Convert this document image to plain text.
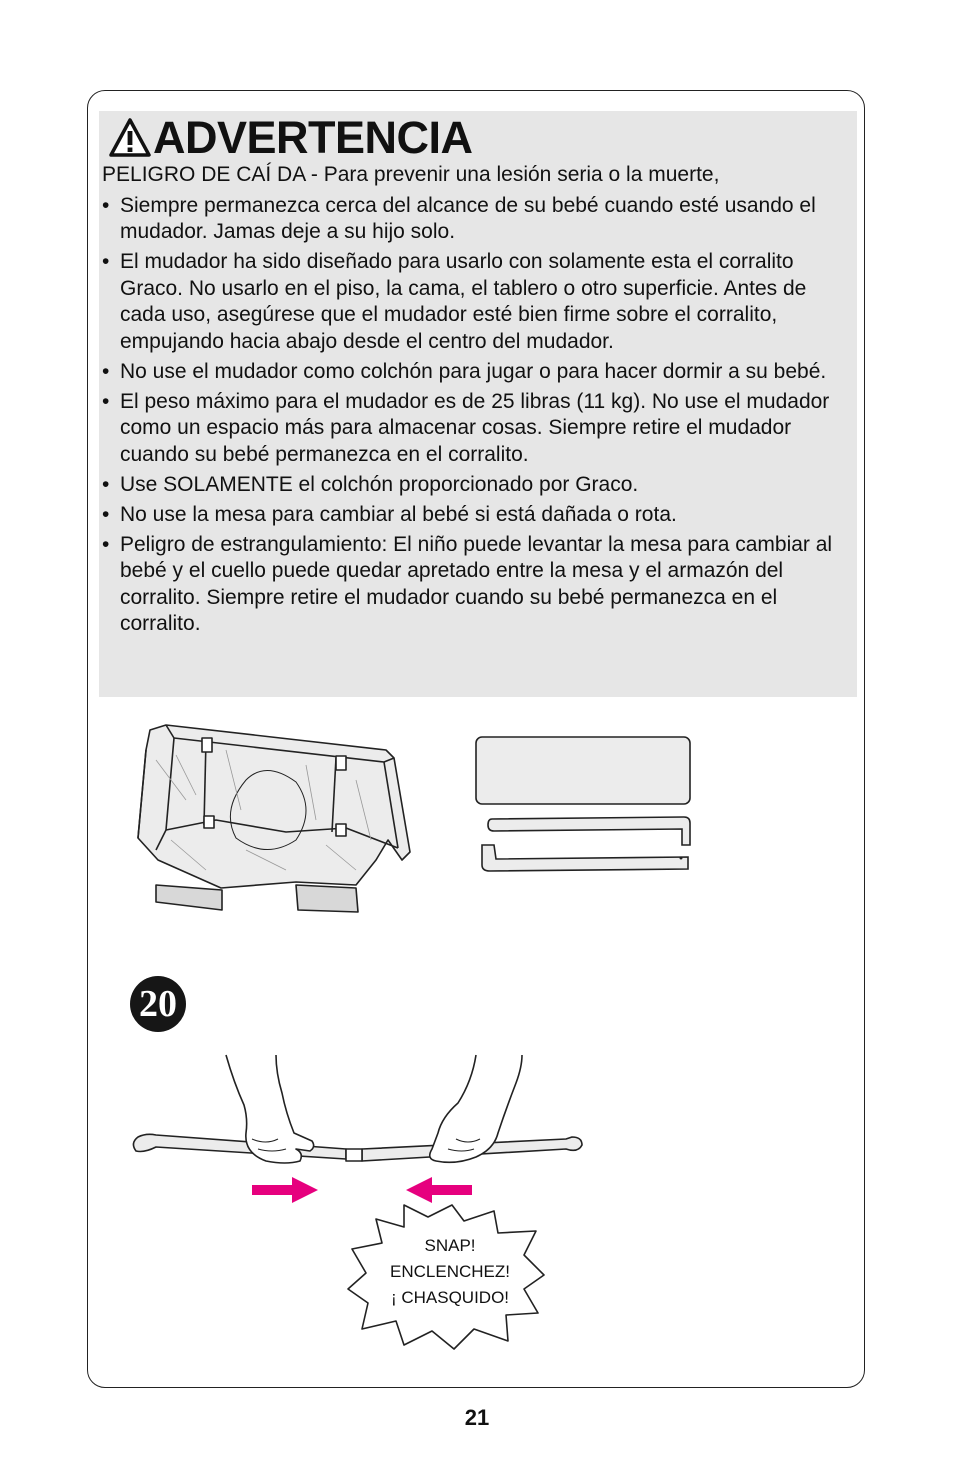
ADVERTENCIA

PELIGRO DE CAÍ DA - Para prevenir una lesión seria o la muerte,

• Siempre permanezca cerca del alcance de su bebé cuando esté usando el mudador. Jamas deje a su hijo solo.
• El mudador ha sido diseñado para usarlo con solamente esta el corralito Graco. No usarlo en el piso, la cama, el tablero o otro superficie. Antes de cada uso, asegúrese que el mudador esté bien firme sobre el corralito, empujando hacia abajo desde el centro del mudador.
• No use el mudador como colchón para jugar o para hacer dormir a su bebé.
• El peso máximo para el mudador es de 25 libras (11 kg). No use el mudador como un espacio más para almacenar cosas. Siempre retire el mudador cuando su bebé permanezca en el corralito.
• Use SOLAMENTE el colchón proporcionado por Graco.
• No use la mesa para cambiar al bebé si está dañada o rota.
• Peligro de estrangulamiento: El niño puede levantar la mesa para cambiar al bebé y el cuello puede quedar apretado entre la mesa y el armazón del corralito. Siempre retire el mudador cuando su bebé permanezca en el corralito.
20
SNAP!
ENCLENCHEZ!
¡ CHASQUIDO!
21
